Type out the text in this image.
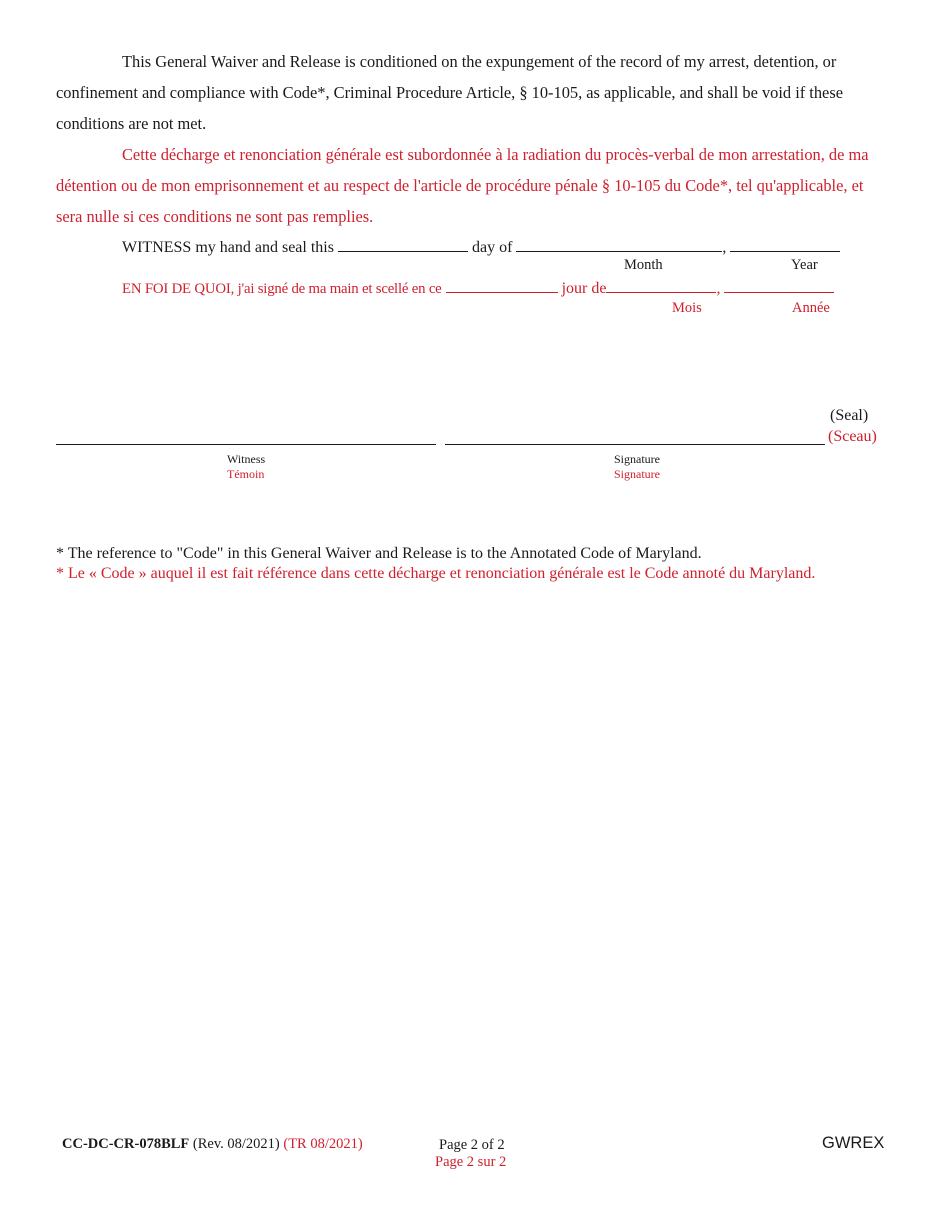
This General Waiver and Release is conditioned on the expungement of the record of my arrest, detention, or confinement and compliance with Code*, Criminal Procedure Article, § 10-105, as applicable, and shall be void if these conditions are not met.

Cette décharge et renonciation générale est subordonnée à la radiation du procès-verbal de mon arrestation, de ma détention ou de mon emprisonnement et au respect de l'article de procédure pénale § 10-105 du Code*, tel qu'applicable, et sera nulle si ces conditions ne sont pas remplies.

WITNESS my hand and seal this	day of	,
Month	Year
EN FOI DE QUOI, j'ai signé de ma main et scellé en ce	jour de	,
Mois	Année
(Seal)
(Sceau)
Witness
Témoin
Signature
Signature
* The reference to "Code" in this General Waiver and Release is to the Annotated Code of Maryland.
* Le « Code » auquel il est fait référence dans cette décharge et renonciation générale est le Code annoté du Maryland.
CC-DC-CR-078BLF (Rev. 08/2021) (TR 08/2021)	Page 2 of 2
Page 2 sur 2
GWREX
